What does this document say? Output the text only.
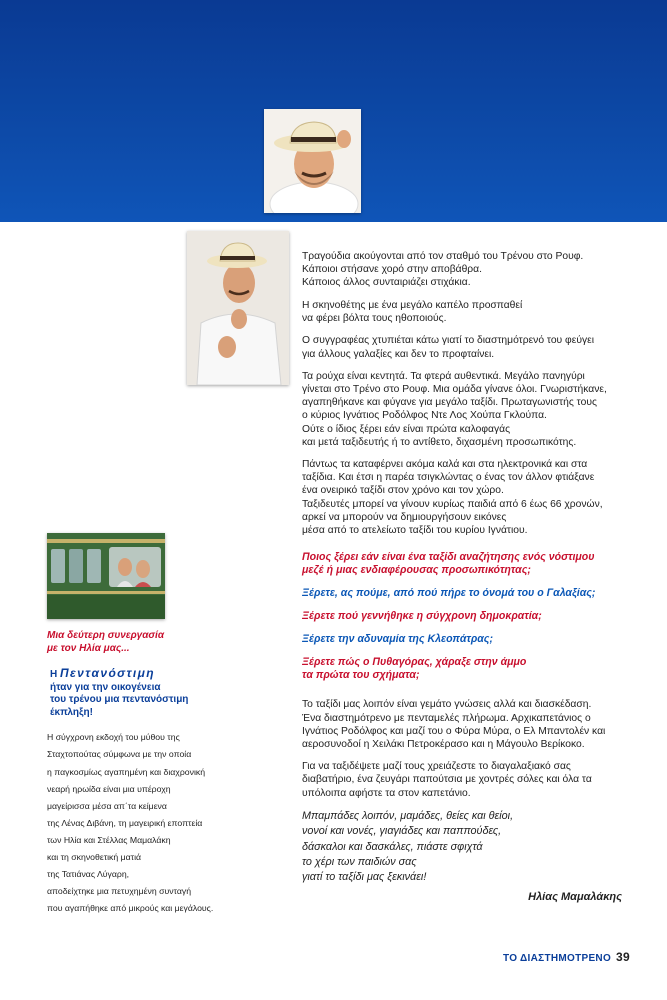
Τραγούδια ακούγονται από τον σταθμό του Τρένου στο Ρουφ.
Κάποιοι στήσανε χορό στην αποβάθρα.
Κάποιος άλλος συνταιριάζει στιχάκια.

Η σκηνοθέτης με ένα μεγάλο καπέλο προσπαθεί
να φέρει βόλτα τους ηθοποιούς.

Ο συγγραφέας χτυπιέται κάτω γιατί το διαστημότρενό του φεύγει
για άλλους γαλαξίες και δεν το προφταίνει.

Τα ρούχα είναι κεντητά. Τα φτερά αυθεντικά. Μεγάλο πανηγύρι
γίνεται στο Τρένο στο Ρουφ. Μια ομάδα γίνανε όλοι. Γνωριστήκανε,
αγαπηθήκανε και φύγανε για μεγάλο ταξίδι. Πρωταγωνιστής τους
ο κύριος Ιγνάτιος Ροδόλφος Ντε Λος Χούπα Γκλούπα.
Ούτε ο ίδιος ξέρει εάν είναι πρώτα καλοφαγάς
και μετά ταξιδευτής ή το αντίθετο, διχασμένη προσωπικότης.

Πάντως τα καταφέρνει ακόμα καλά και στα ηλεκτρονικά και στα
ταξίδια. Και έτσι η παρέα τσιγκλώντας ο ένας τον άλλον φτιάξανε
ένα ονειρικό ταξίδι στον χρόνο και τον χώρο.
Ταξιδευτές μπορεί να γίνουν κυρίως παιδιά από 6 έως 66 χρονών,
αρκεί να μπορούν να δημιουργήσουν εικόνες
μέσα από το ατελείωτο ταξίδι του κυρίου Ιγνάτιου.

Ποιος ξέρει εάν είναι ένα ταξίδι αναζήτησης ενός νόστιμου
μεζέ ή μιας ενδιαφέρουσας προσωπικότητας;
Ξέρετε, ας πούμε, από πού πήρε το όνομά του ο Γαλαξίας;
Ξέρετε πού γεννήθηκε η σύγχρονη δημοκρατία;
Ξέρετε την αδυναμία της Κλεοπάτρας;
Ξέρετε πώς ο Πυθαγόρας, χάραξε στην άμμο
τα πρώτα του σχήματα;

Το ταξίδι μας λοιπόν είναι γεμάτο γνώσεις αλλά και διασκέδαση.
Ένα διαστημότρενο με πενταμελές πλήρωμα. Αρχικαπετάνιος ο
Ιγνάτιος Ροδόλφος και μαζί του ο Φύρα Μύρα, ο Ελ Μπαντολέν και
αεροσυνοδοί η Χειλάκι Πετροκέρασο και η Μάγουλο Βερίκοκο.

Για να ταξιδέψετε μαζί τους χρειάζεστε το διαγαλαξιακό σας
διαβατήριο, ένα ζευγάρι παπούτσια με χοντρές σόλες και όλα τα
υπόλοιπα αφήστε τα στον καπετάνιο.

Μπαμπάδες λοιπόν, μαμάδες, θείες και θείοι,
νονοί και νονές, γιαγιάδες και παππούδες,
δάσκαλοι και δασκάλες, πιάστε σφιχτά
το χέρι των παιδιών σας
γιατί το ταξίδι μας ξεκινάει!
Ηλίας Μαμαλάκης
Μια δεύτερη συνεργασία
με τον Ηλία μας...
Η Πεντανόστιμη
ήταν για την οικογένεια
του τρένου μια πεντανόστιμη
έκπληξη!
Η σύγχρονη εκδοχή του μύθου της
Σταχτοπούτας σύμφωνα με την οποία
η παγκοσμίως αγαπημένη και διαχρονική
νεαρή ηρωίδα είναι μια υπέροχη
μαγείρισσα μέσα απ΄τα κείμενα
της Λένας Διβάνη, τη μαγειρική εποπτεία
των Ηλία και Στέλλας Μαμαλάκη
και τη σκηνοθετική ματιά
της Τατιάνας Λύγαρη,
αποδείχτηκε μια πετυχημένη συνταγή
που αγαπήθηκε από μικρούς και μεγάλους.
ΤΟ ΔΙΑΣΤΗΜΟΤΡΕΝΟ 39
